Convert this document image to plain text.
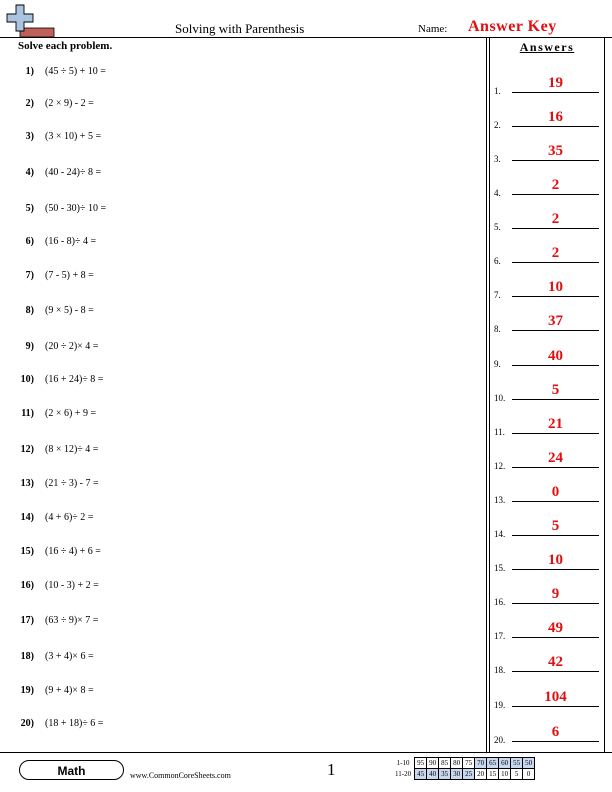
Solving with Parenthesis	Name: Answer Key
Solve each problem.	Answers
1) (45 ÷ 5) + 10 =
2) (2 × 9) - 2 =
3) (3 × 10) + 5 =
4) (40 - 24)÷ 8 =
5) (50 - 30)÷ 10 =
6) (16 - 8)÷ 4 =
7) (7 - 5) + 8 =
8) (9 × 5) - 8 =
9) (20 ÷ 2)× 4 =
10) (16 + 24)÷ 8 =
11) (2 × 6) + 9 =
12) (8 × 12)÷ 4 =
13) (21 ÷ 3) - 7 =
14) (4 + 6)÷ 2 =
15) (16 ÷ 4) + 6 =
16) (10 - 3) + 2 =
17) (63 ÷ 9)× 7 =
18) (3 + 4)× 6 =
19) (9 + 4)× 8 =
20) (18 + 18)÷ 6 =
1.	19
2.	16
3.	35
4.	2
5.	2
6.	2
7.	10
8.	37
9.	40
10.	5
11.	21
12.	24
13.	0
14.	5
15.	10
16.	9
17.	49
18.	42
19.	104
20.	6
Math	www.CommonCoreSheets.com	1	1-10	95	90	85	80	75	70	65	60	55	50
11-20	45	40	35	30	25	20	15	10	5	0
